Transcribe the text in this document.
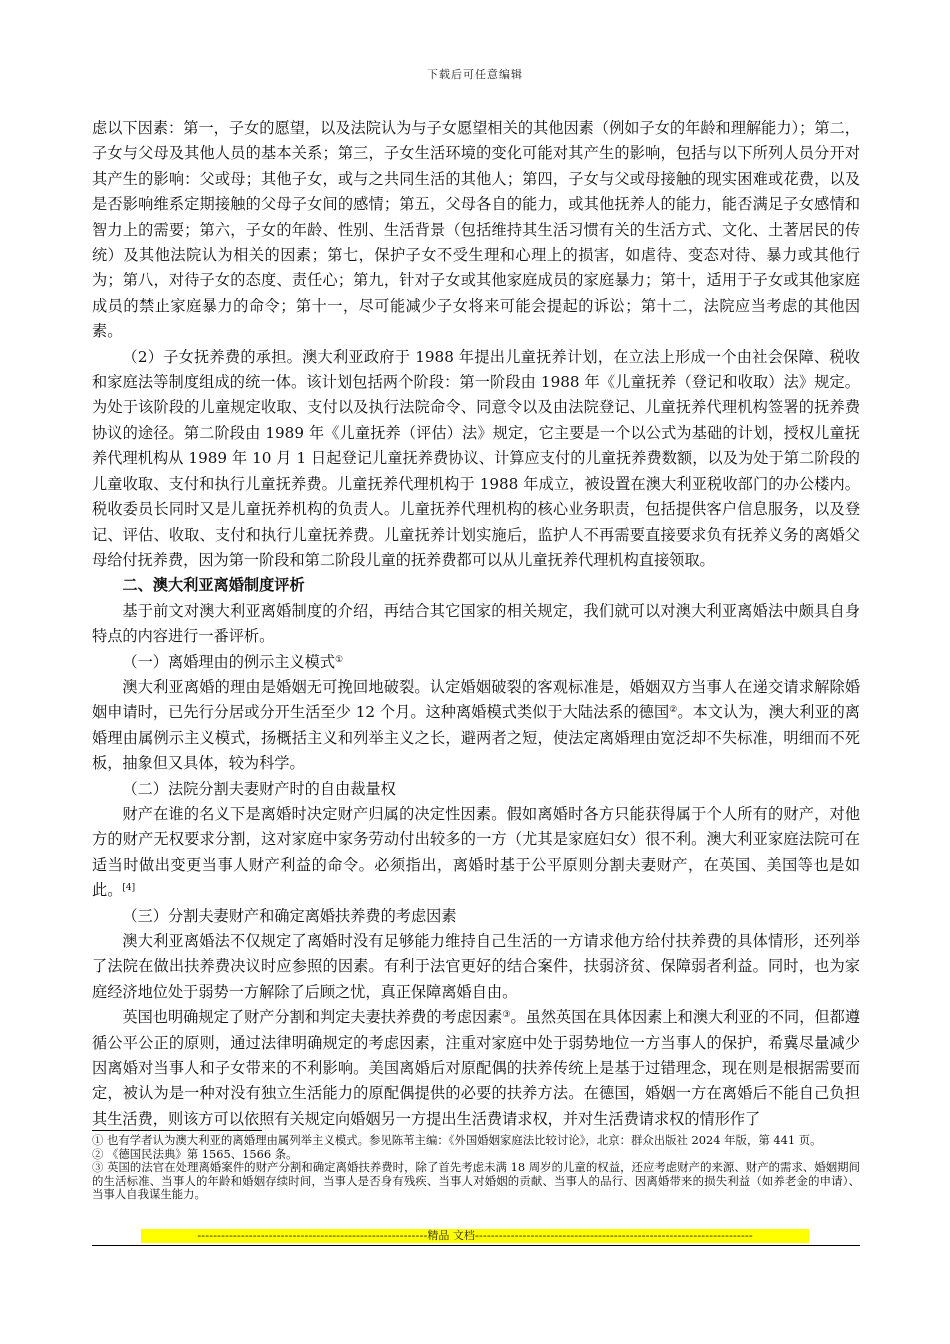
下载后可任意编辑

虑以下因素：第一，子女的愿望，以及法院认为与子女愿望相关的其他因素（例如子女的年龄和理解能力）；第二，子女与父母及其他人员的基本关系；第三，子女生活环境的变化可能对其产生的影响，包括与以下所列人员分开对其产生的影响：父或母；其他子女，或与之共同生活的其他人；第四，子女与父或母接触的现实困难或花费，以及是否影响维系定期接触的父母子女间的感情；第五，父母各自的能力，或其他抚养人的能力，能否满足子女感情和智力上的需要；第六，子女的年龄、性别、生活背景（包括维持其生活习惯有关的生活方式、文化、土著居民的传统）及其他法院认为相关的因素；第七，保护子女不受生理和心理上的损害，如虐待、变态对待、暴力或其他行为；第八，对待子女的态度、责任心；第九，针对子女或其他家庭成员的家庭暴力；第十，适用于子女或其他家庭成员的禁止家庭暴力的命令；第十一，尽可能减少子女将来可能会提起的诉讼；第十二，法院应当考虑的其他因素。

（2）子女抚养费的承担。澳大利亚政府于 1988 年提出儿童抚养计划，在立法上形成一个由社会保障、税收和家庭法等制度组成的统一体。该计划包括两个阶段：第一阶段由 1988 年《儿童抚养（登记和收取）法》规定。为处于该阶段的儿童规定收取、支付以及执行法院命令、同意令以及由法院登记、儿童抚养代理机构签署的抚养费协议的途径。第二阶段由 1989 年《儿童抚养（评估）法》规定，它主要是一个以公式为基础的计划，授权儿童抚养代理机构从 1989 年 10 月 1 日起登记儿童抚养费协议、计算应支付的儿童抚养费数额，以及为处于第二阶段的儿童收取、支付和执行儿童抚养费。儿童抚养代理机构于 1988 年成立，被设置在澳大利亚税收部门的办公楼内。税收委员长同时又是儿童抚养机构的负责人。儿童抚养代理机构的核心业务职责，包括提供客户信息服务，以及登记、评估、收取、支付和执行儿童抚养费。儿童抚养计划实施后，监护人不再需要直接要求负有抚养义务的离婚父母给付抚养费，因为第一阶段和第二阶段儿童的抚养费都可以从儿童抚养代理机构直接领取。

二、澳大利亚离婚制度评析

基于前文对澳大利亚离婚制度的介绍，再结合其它国家的相关规定，我们就可以对澳大利亚离婚法中颇具自身特点的内容进行一番评析。

（一）离婚理由的例示主义模式①

澳大利亚离婚的理由是婚姻无可挽回地破裂。认定婚姻破裂的客观标准是，婚姻双方当事人在递交请求解除婚姻申请时，已先行分居或分开生活至少 12 个月。这种离婚模式类似于大陆法系的德国②。本文认为，澳大利亚的离婚理由属例示主义模式，扬概括主义和列举主义之长，避两者之短，使法定离婚理由宽泛却不失标准，明细而不死板，抽象但又具体，较为科学。

（二）法院分割夫妻财产时的自由裁量权

财产在谁的名义下是离婚时决定财产归属的决定性因素。假如离婚时各方只能获得属于个人所有的财产，对他方的财产无权要求分割，这对家庭中家务劳动付出较多的一方（尤其是家庭妇女）很不利。澳大利亚家庭法院可在适当时做出变更当事人财产利益的命令。必须指出，离婚时基于公平原则分割夫妻财产，在英国、美国等也是如此。[4]

（三）分割夫妻财产和确定离婚扶养费的考虑因素

澳大利亚离婚法不仅规定了离婚时没有足够能力维持自己生活的一方请求他方给付扶养费的具体情形，还列举了法院在做出扶养费决议时应参照的因素。有利于法官更好的结合案件，扶弱济贫、保障弱者利益。同时，也为家庭经济地位处于弱势一方解除了后顾之忧，真正保障离婚自由。

英国也明确规定了财产分割和判定夫妻扶养费的考虑因素③。虽然英国在具体因素上和澳大利亚的不同，但都遵循公平公正的原则，通过法律明确规定的考虑因素，注重对家庭中处于弱势地位一方当事人的保护，希冀尽量减少因离婚对当事人和子女带来的不利影响。美国离婚后对原配偶的扶养传统上是基于过错理念，现在则是根据需要而定，被认为是一种对没有独立生活能力的原配偶提供的必要的扶养方法。在德国，婚姻一方在离婚后不能自己负担其生活费，则该方可以依照有关规定向婚姻另一方提出生活费请求权，并对生活费请求权的情形作了

① 也有学者认为澳大利亚的离婚理由属列举主义模式。参见陈苇主编：《外国婚姻家庭法比较讨论》，北京：群众出版社 2024 年版，第 441 页。

② 《德国民法典》第 1565、1566 条。

③ 英国的法官在处理离婚案件的财产分割和确定离婚扶养费时，除了首先考虑未满 18 周岁的儿童的权益，还应考虑财产的来源、财产的需求、婚姻期间的生活标准、当事人的年龄和婚姻存续时间，当事人是否身有残疾、当事人对婚姻的贡献、当事人的品行、因离婚带来的损失利益（如养老金的申请）、当事人自我谋生能力。

----------------------------------------------------------精品 文档----------------------------------------------------------------------
